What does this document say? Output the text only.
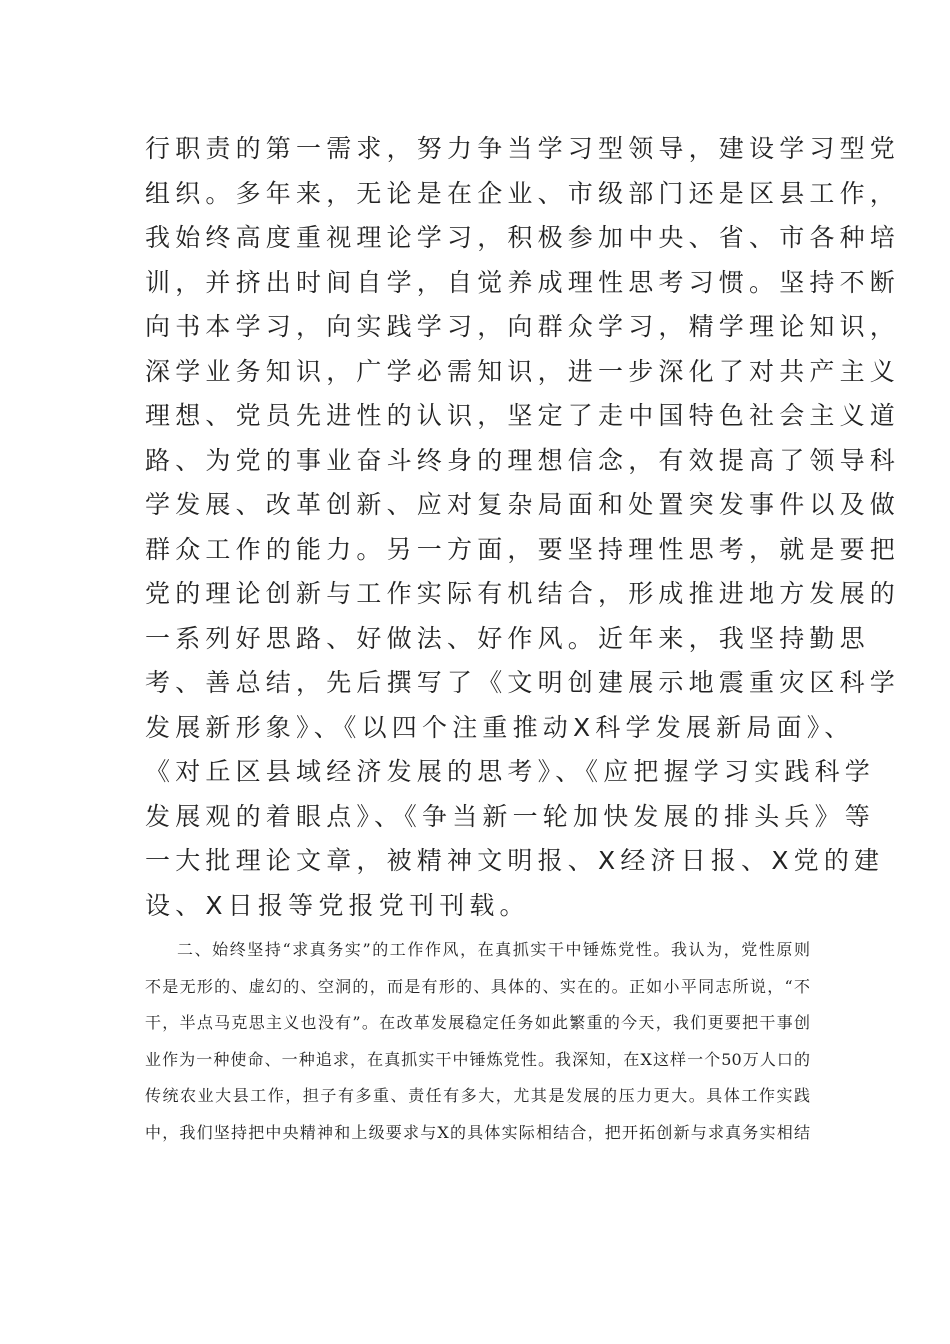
行职责的第一需求，努力争当学习型领导，建设学习型党
组织。多年来，无论是在企业、市级部门还是区县工作，
我始终高度重视理论学习，积极参加中央、省、市各种培
训，并挤出时间自学，自觉养成理性思考习惯。坚持不断
向书本学习，向实践学习，向群众学习，精学理论知识，
深学业务知识，广学必需知识，进一步深化了对共产主义
理想、党员先进性的认识，坚定了走中国特色社会主义道
路、为党的事业奋斗终身的理想信念，有效提高了领导科
学发展、改革创新、应对复杂局面和处置突发事件以及做
群众工作的能力。另一方面，要坚持理性思考，就是要把
党的理论创新与工作实际有机结合，形成推进地方发展的
一系列好思路、好做法、好作风。近年来，我坚持勤思
考、善总结，先后撰写了《文明创建展示地震重灾区科学
发展新形象》、《以四个注重推动X科学发展新局面》、
《对丘区县域经济发展的思考》、《应把握学习实践科学
发展观的着眼点》、《争当新一轮加快发展的排头兵》等
一大批理论文章，被精神文明报、X经济日报、X党的建
设、X日报等党报党刊刊载。
二、始终坚持“求真务实”的工作作风，在真抓实干中锤炼党性。我认为，党性原则
不是无形的、虚幻的、空洞的，而是有形的、具体的、实在的。正如小平同志所说，“不
干，半点马克思主义也没有”。在改革发展稳定任务如此繁重的今天，我们更要把干事创
业作为一种使命、一种追求，在真抓实干中锤炼党性。我深知，在X这样一个50万人口的
传统农业大县工作，担子有多重、责任有多大，尤其是发展的压力更大。具体工作实践
中，我们坚持把中央精神和上级要求与X的具体实际相结合，把开拓创新与求真务实相结
